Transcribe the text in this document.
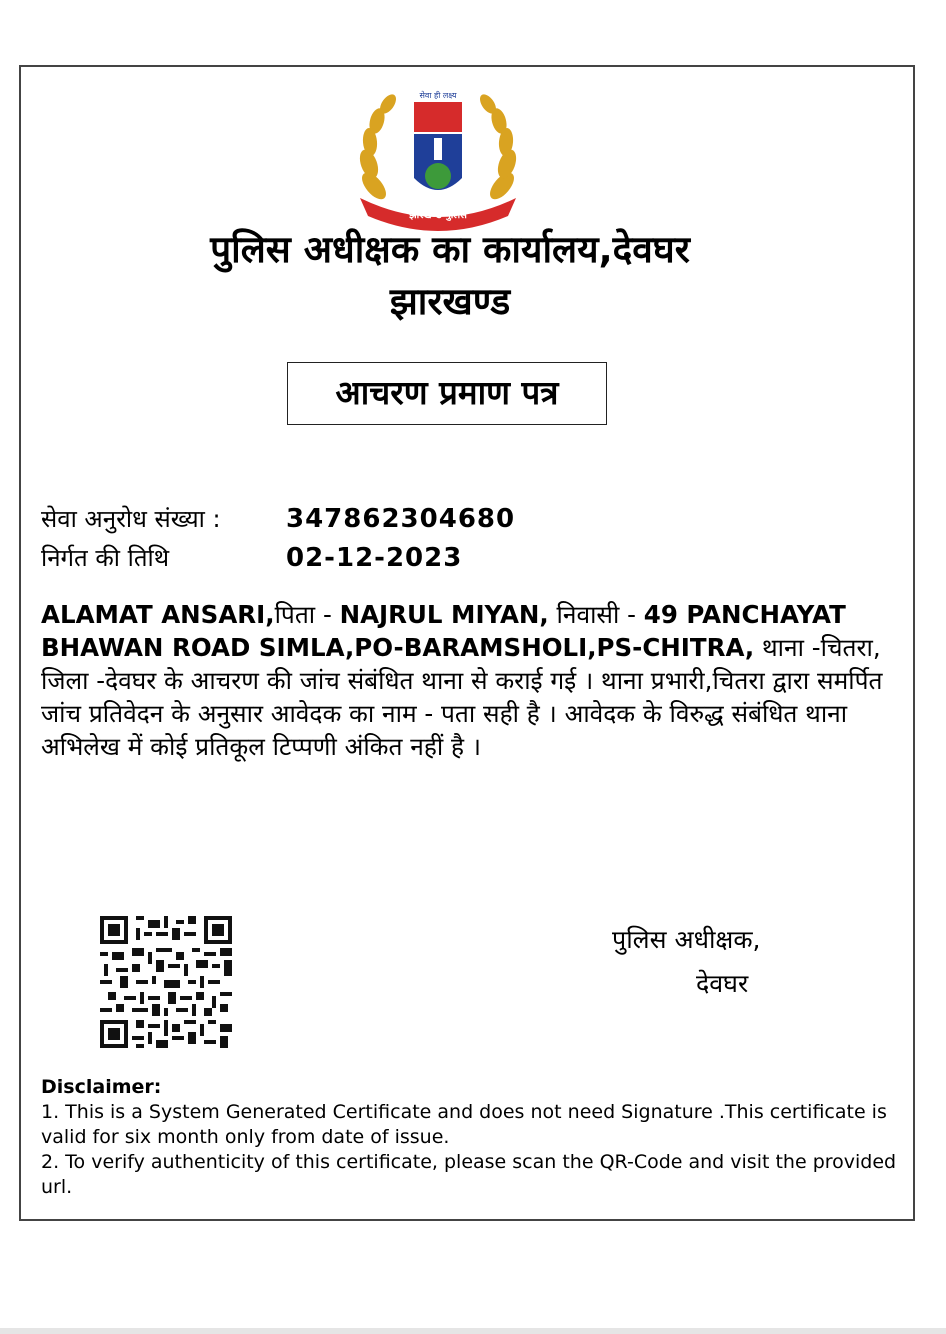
सेवा ही लक्ष्य
झारखण्ड पुलिस
पुलिस अधीक्षक का कार्यालय,देवघर
झारखण्ड
आचरण प्रमाण पत्र
सेवा अनुरोध संख्या :	347862304680
निर्गत की तिथि	02-12-2023
ALAMAT ANSARI,पिता - NAJRUL MIYAN, निवासी - 49 PANCHAYAT BHAWAN ROAD SIMLA,PO-BARAMSHOLI,PS-CHITRA, थाना -चितरा, जिला -देवघर के आचरण की जांच संबंधित थाना से कराई गई । थाना प्रभारी,चितरा द्वारा समर्पित जांच प्रतिवेदन के अनुसार आवेदक का नाम - पता सही है । आवेदक के विरुद्ध संबंधित थाना अभिलेख में कोई प्रतिकूल टिप्पणी अंकित नहीं है ।
पुलिस अधीक्षक,
देवघर
Disclaimer:
1. This is a System Generated Certificate and does not need Signature .This certificate is valid for six month only from date of issue.
2. To verify authenticity of this certificate, please scan the QR-Code and visit the provided url.
